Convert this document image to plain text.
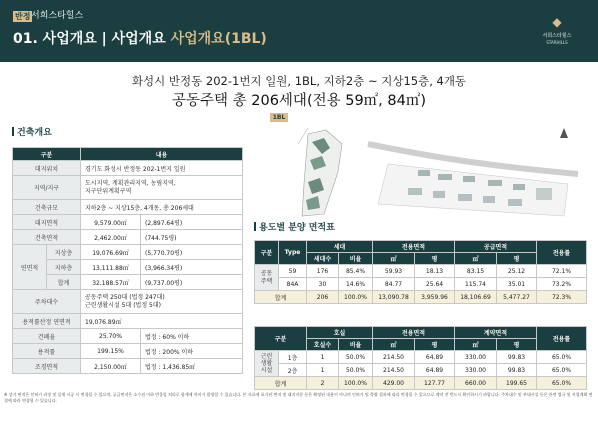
반정 서희스타힐스
01. 사업개요 | 사업개요 사업개요(1BL)
◆
서희스타힐스
STARHILLS
화성시 반정동 202-1번지 일원, 1BL, 지하2층 ~ 지상15층, 4개동
공동주택 총 206세대(전용 59㎡, 84㎡)
건축개요
구분		내용	
대지위치		경기도 화성시 반정동 202-1번지 일원	
지역/지구		도시지역, 계획관리지역, 농림지역,
지구단위계획구역	

건축규모		지하2층 ~ 지상15층, 4개동, 총 206세대	
대지면적		9,579.00㎡	(2,897.64평)
건축면적		2,462.00㎡	(744.75평)
연면적	지상층	19,076.69㎡	(5,770.70평)
	지하층	13,111.88㎡	(3,966.34평)
	합계	32,188.57㎡	(9,737.00평)
주차대수		공동주택 250대 (법정 247대)
근린생활시설 5대 (법정 5대)	

용적률산정 연면적		19,076.89㎡	
건폐율		25.70%	법정 : 60% 이하
용적률		199.15%	법정 : 200% 이하
조경면적		2,150.00㎡	법정 : 1,436.85㎡
1BL
용도별 분양 면적표
구분	Type	세대		전용면적		공급면적		전용률
		세대수	비율	㎡	평	㎡	평	

공동
주택	59	176	85.4%	59.93	18.13	83.15	25.12	72.1%
	84A	30	14.6%	84.77	25.64	115.74	35.01	73.2%
합계		206	100.0%	13,090.78	3,959.96	18,106.69	5,477.27	72.3%
구분		호실		전용면적		계약면적		전용률
		호실수	비율	㎡	평	㎡	평	

근린
생활
시설	1층	1	50.0%	214.50	64.89	330.00	99.83	65.0%
	2층	1	50.0%	214.50	64.89	330.00	99.83	65.0%
합계		2	100.0%	429.00	127.77	660.00	199.65	65.0%
※ 상기 면적은 인허가 과정 및 실제 시공 시 변경될 수 있으며, 공급면적은 소수점 이하 반올림 처리로 합계에 차이가 발생할 수 있습니다. 본 자료에 표기된 면적 및 대지지분 등은 확정된 내용이 아니며 인허가 및 측량 결과에 따라 변경될 수 있으므로 계약 전 반드시 확인하시기 바랍니다. 주차대수 및 부대시설 등은 관련 법규 및 사업계획 변경에 따라 변경될 수 있습니다.
